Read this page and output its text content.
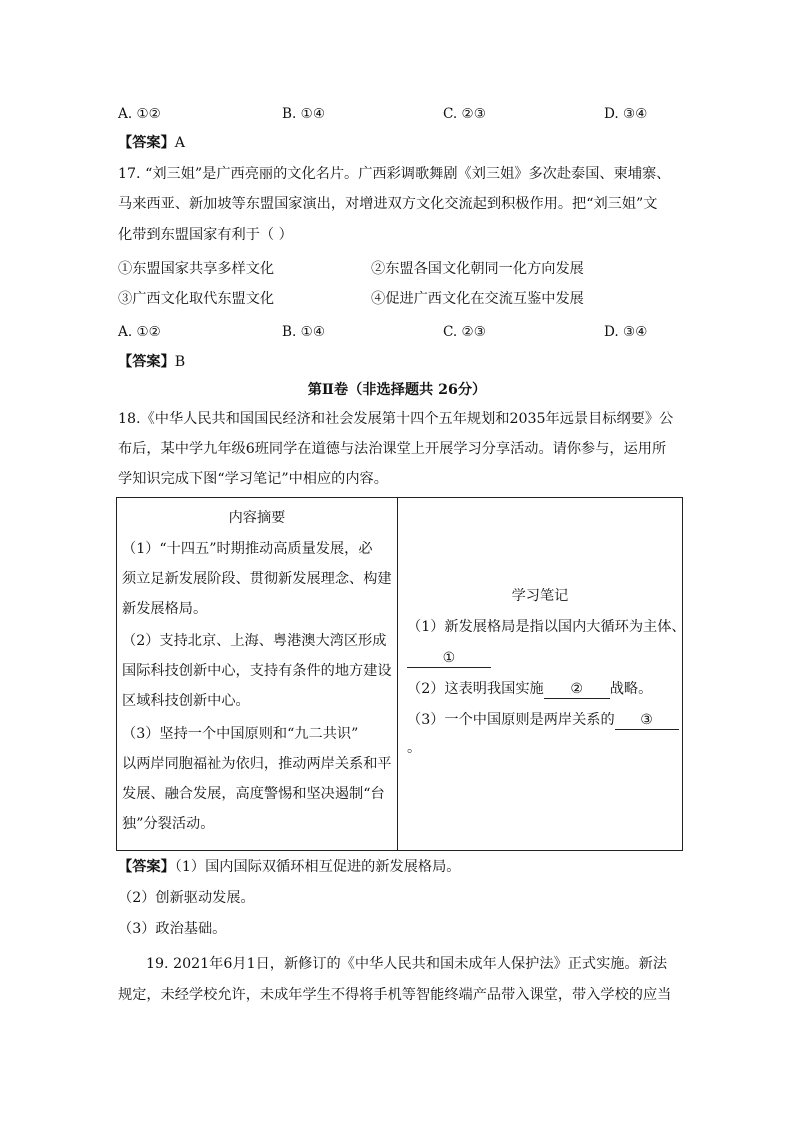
A. ①②	B. ①④	C. ②③	D. ③④
【答案】A
17. “刘三姐”是广西亮丽的文化名片。广西彩调歌舞剧《刘三姐》多次赴泰国、柬埔寨、
马来西亚、新加坡等东盟国家演出，对增进双方文化交流起到积极作用。把“刘三姐”文
化带到东盟国家有利于（ ）
①东盟国家共享多样文化	②东盟各国文化朝同一化方向发展
③广西文化取代东盟文化	④促进广西文化在交流互鉴中发展
A. ①②	B. ①④	C. ②③	D. ③④
【答案】B
第Ⅱ卷（非选择题共 26分）
18.《中华人民共和国国民经济和社会发展第十四个五年规划和2035年远景目标纲要》公
布后，某中学九年级6班同学在道德与法治课堂上开展学习分享活动。请你参与，运用所
学知识完成下图“学习笔记”中相应的内容。
内容摘要
（1）“十四五”时期推动高质量发展，必
须立足新发展阶段、贯彻新发展理念、构建
新发展格局。
（2）支持北京、上海、粤港澳大湾区形成
国际科技创新中心，支持有条件的地方建设
区域科技创新中心。
（3）坚持一个中国原则和“九二共识”
以两岸同胞福祉为依归，推动两岸关系和平
发展、融合发展，高度警惕和坚决遏制“台
独”分裂活动。

学习笔记
（1）新发展格局是指以国内大循环为主体、
①
（2）这表明我国实施 ② 战略。
（3）一个中国原则是两岸关系的 ③
。
【答案】（1）国内国际双循环相互促进的新发展格局。
（2）创新驱动发展。
（3）政治基础。
19. 2021年6月1日，新修订的《中华人民共和国未成年人保护法》正式实施。新法
规定，未经学校允许，未成年学生不得将手机等智能终端产品带入课堂，带入学校的应当
